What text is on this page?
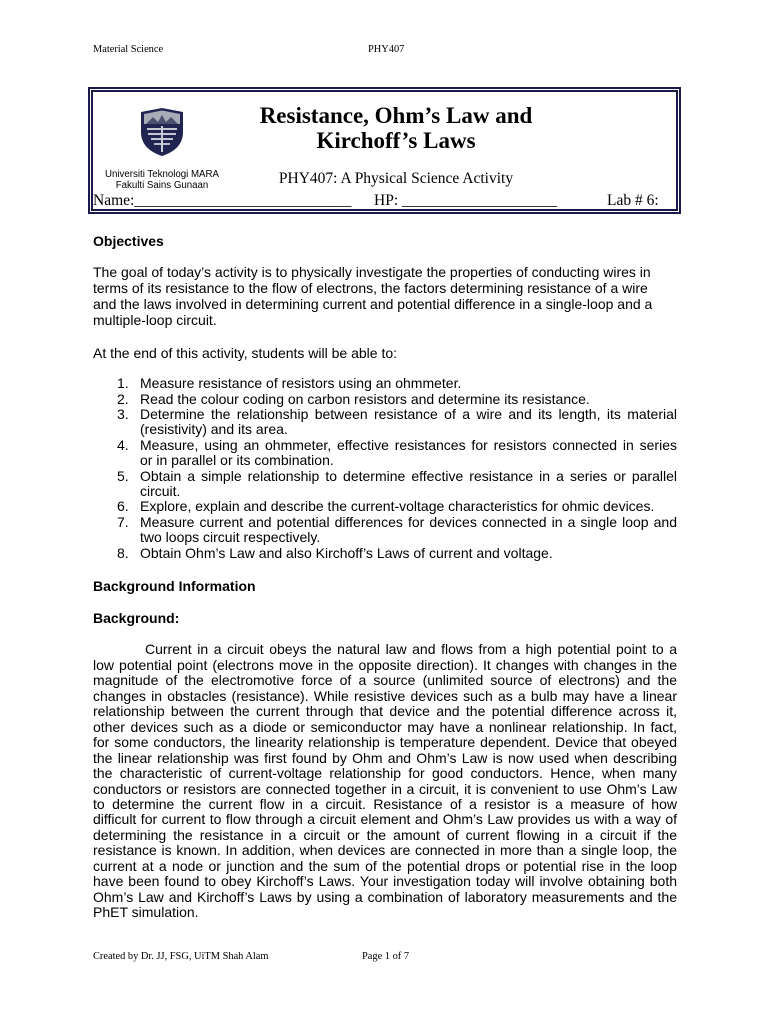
Material Science	PHY407
Universiti Teknologi MARA
Fakulti Sains Gunaan
Resistance, Ohm’s Law and
Kirchoff’s Laws
PHY407: A Physical Science Activity
Name:____________________________ HP: ____________________	Lab # 6:
Objectives
The goal of today’s activity is to physically investigate the properties of conducting wires in
terms of its resistance to the flow of electrons, the factors determining resistance of a wire
and the laws involved in determining current and potential difference in a single-loop and a
multiple-loop circuit.
At the end of this activity, students will be able to:
1. Measure resistance of resistors using an ohmmeter.
2. Read the colour coding on carbon resistors and determine its resistance.
3. Determine the relationship between resistance of a wire and its length, its material
(resistivity) and its area.
4. Measure, using an ohmmeter, effective resistances for resistors connected in series
or in parallel or its combination.
5. Obtain a simple relationship to determine effective resistance in a series or parallel
circuit.
6. Explore, explain and describe the current-voltage characteristics for ohmic devices.
7. Measure current and potential differences for devices connected in a single loop and
two loops circuit respectively.
8. Obtain Ohm’s Law and also Kirchoff’s Laws of current and voltage.
Background Information
Background:
Current in a circuit obeys the natural law and flows from a high potential point to a
low potential point (electrons move in the opposite direction). It changes with changes in the
magnitude of the electromotive force of a source (unlimited source of electrons) and the
changes in obstacles (resistance). While resistive devices such as a bulb may have a linear
relationship between the current through that device and the potential difference across it,
other devices such as a diode or semiconductor may have a nonlinear relationship. In fact,
for some conductors, the linearity relationship is temperature dependent. Device that obeyed
the linear relationship was first found by Ohm and Ohm’s Law is now used when describing
the characteristic of current-voltage relationship for good conductors. Hence, when many
conductors or resistors are connected together in a circuit, it is convenient to use Ohm’s Law
to determine the current flow in a circuit. Resistance of a resistor is a measure of how
difficult for current to flow through a circuit element and Ohm’s Law provides us with a way of
determining the resistance in a circuit or the amount of current flowing in a circuit if the
resistance is known. In addition, when devices are connected in more than a single loop, the
current at a node or junction and the sum of the potential drops or potential rise in the loop
have been found to obey Kirchoff’s Laws. Your investigation today will involve obtaining both
Ohm’s Law and Kirchoff’s Laws by using a combination of laboratory measurements and the
PhET simulation.
Created by Dr. JJ, FSG, UiTM Shah Alam	Page 1 of 7
